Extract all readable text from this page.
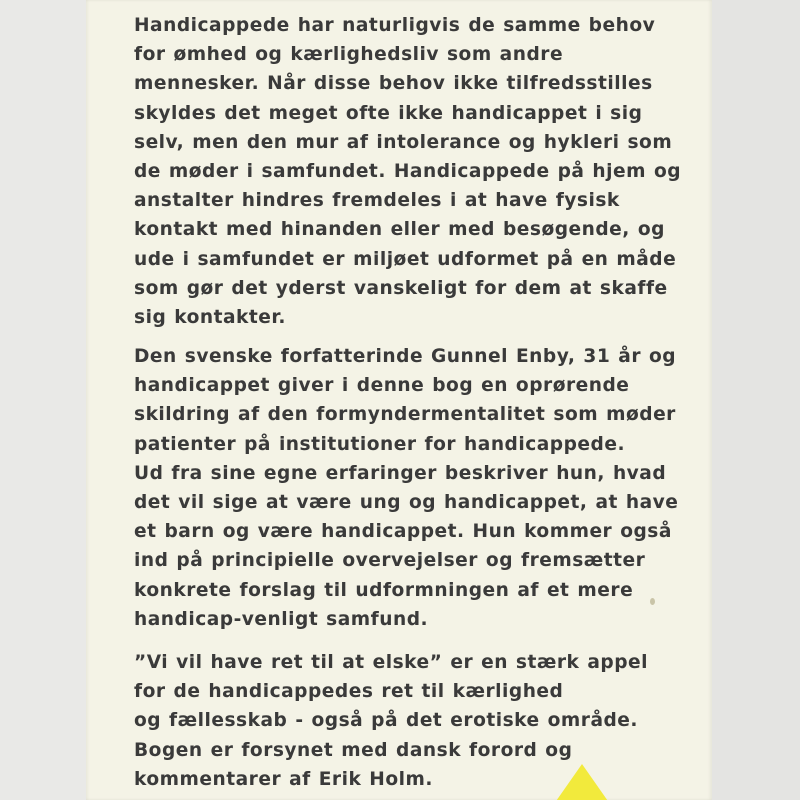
Handicappede har naturligvis de samme behov
for ømhed og kærlighedsliv som andre
mennesker. Når disse behov ikke tilfredsstilles
skyldes det meget ofte ikke handicappet i sig
selv, men den mur af intolerance og hykleri som
de møder i samfundet. Handicappede på hjem og
anstalter hindres fremdeles i at have fysisk
kontakt med hinanden eller med besøgende, og
ude i samfundet er miljøet udformet på en måde
som gør det yderst vanskeligt for dem at skaffe
sig kontakter.

Den svenske forfatterinde Gunnel Enby, 31 år og
handicappet giver i denne bog en oprørende
skildring af den formyndermentalitet som møder
patienter på institutioner for handicappede.
Ud fra sine egne erfaringer beskriver hun, hvad
det vil sige at være ung og handicappet, at have
et barn og være handicappet. Hun kommer også
ind på principielle overvejelser og fremsætter
konkrete forslag til udformningen af et mere
handicap-venligt samfund.

”Vi vil have ret til at elske” er en stærk appel
for de handicappedes ret til kærlighed
og fællesskab - også på det erotiske område.
Bogen er forsynet med dansk forord og
kommentarer af Erik Holm.
